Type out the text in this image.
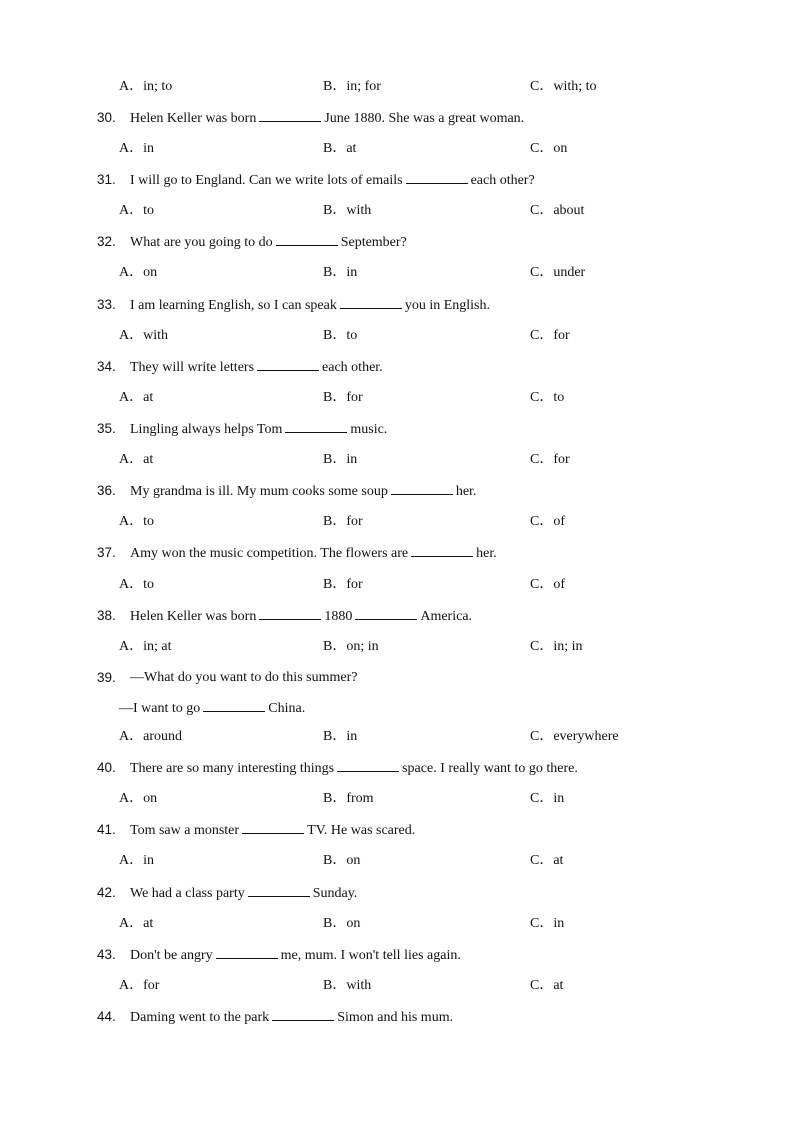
A．in; to	B．in; for	C．with; to
30. Helen Keller was born	June 1880. She was a great woman.
A．in	B．at	C．on
31. I will go to England. Can we write lots of emails	each other?
A．to	B．with	C．about
32. What are you going to do	September?
A．on	B．in	C．under
33. I am learning English, so I can speak	you in English.
A．with	B．to	C．for
34. They will write letters	each other.
A．at	B．for	C．to
35. Lingling always helps Tom	music.
A．at	B．in	C．for
36. My grandma is ill. My mum cooks some soup	her.
A．to	B．for	C．of
37. Amy won the music competition. The flowers are	her.
A．to	B．for	C．of
38. Helen Keller was born	1880	America.
A．in; at	B．on; in	C．in; in
39. —What do you want to do this summer?
—I want to go	China.
A．around	B．in	C．everywhere
40. There are so many interesting things	space. I really want to go there.
A．on	B．from	C．in
41. Tom saw a monster	TV. He was scared.
A．in	B．on	C．at
42. We had a class party	Sunday.
A．at	B．on	C．in
43. Don't be angry	me, mum. I won't tell lies again.
A．for	B．with	C．at
44. Daming went to the park	Simon and his mum.
